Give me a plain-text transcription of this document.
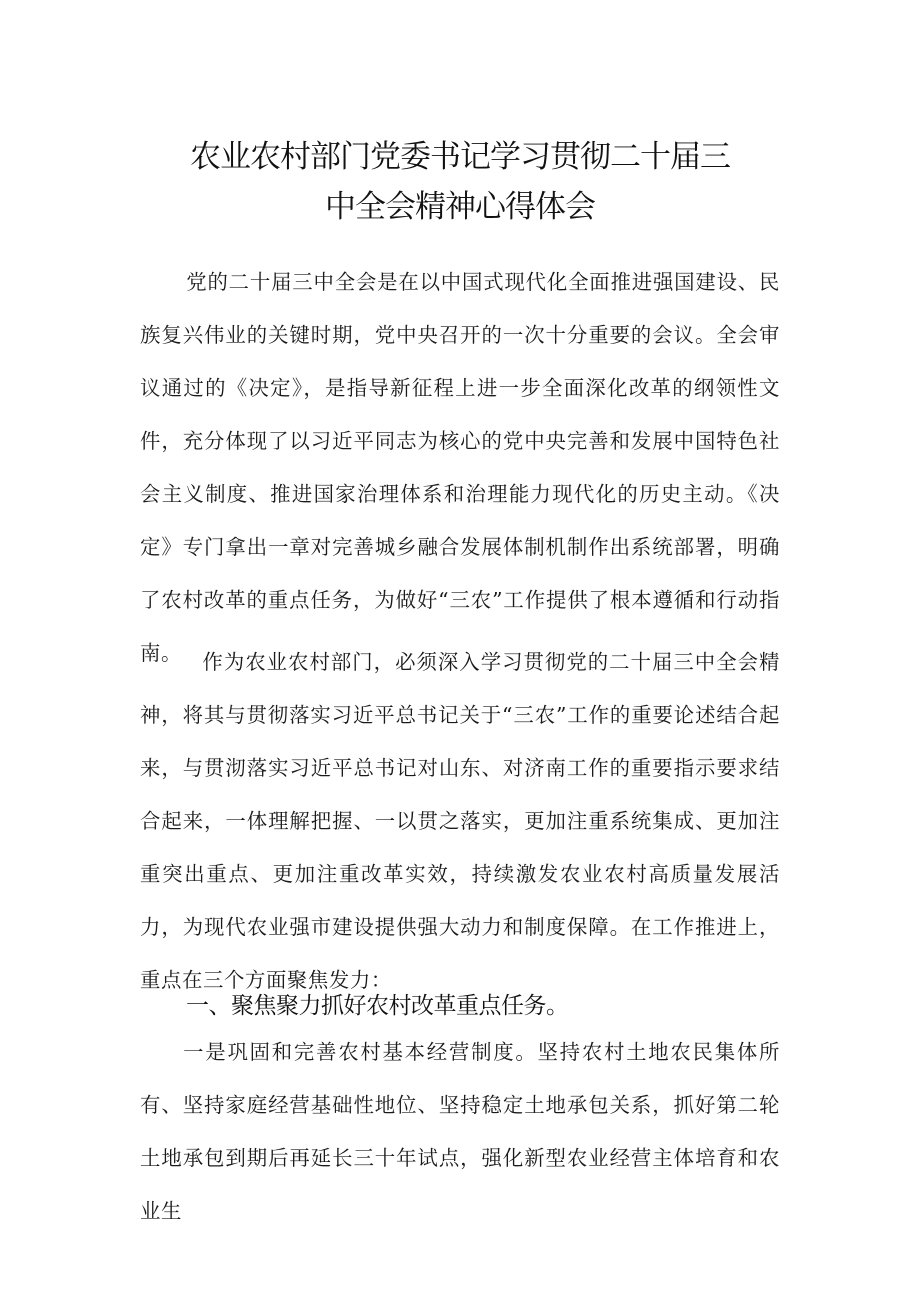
农业农村部门党委书记学习贯彻二十届三
中全会精神心得体会
党的二十届三中全会是在以中国式现代化全面推进强国建设、民族复兴伟业的关键时期，党中央召开的一次十分重要的会议。全会审议通过的《决定》，是指导新征程上进一步全面深化改革的纲领性文件，充分体现了以习近平同志为核心的党中央完善和发展中国特色社会主义制度、推进国家治理体系和治理能力现代化的历史主动。《决定》专门拿出一章对完善城乡融合发展体制机制作出系统部署，明确了农村改革的重点任务，为做好“三农”工作提供了根本遵循和行动指南。 作为农业农村部门，必须深入学习贯彻党的二十届三中全会精神，将其与贯彻落实习近平总书记关于“三农”工作的重要论述结合起来，与贯沏落实习近平总书记对山东、对济南工作的重要指示要求结合起来，一体理解把握、一以贯之落实，更加注重系统集成、更加注重突出重点、更加注重改革实效，持续激发农业农村高质量发展活力，为现代农业强市建设提供强大动力和制度保障。在工作推进上，重点在三个方面聚焦发力：
一、聚焦聚力抓好农村改革重点任务。
一是巩固和完善农村基本经营制度。坚持农村土地农民集体所有、坚持家庭经营基础性地位、坚持稳定土地承包关系，抓好第二轮土地承包到期后再延长三十年试点，强化新型农业经营主体培育和农业生
